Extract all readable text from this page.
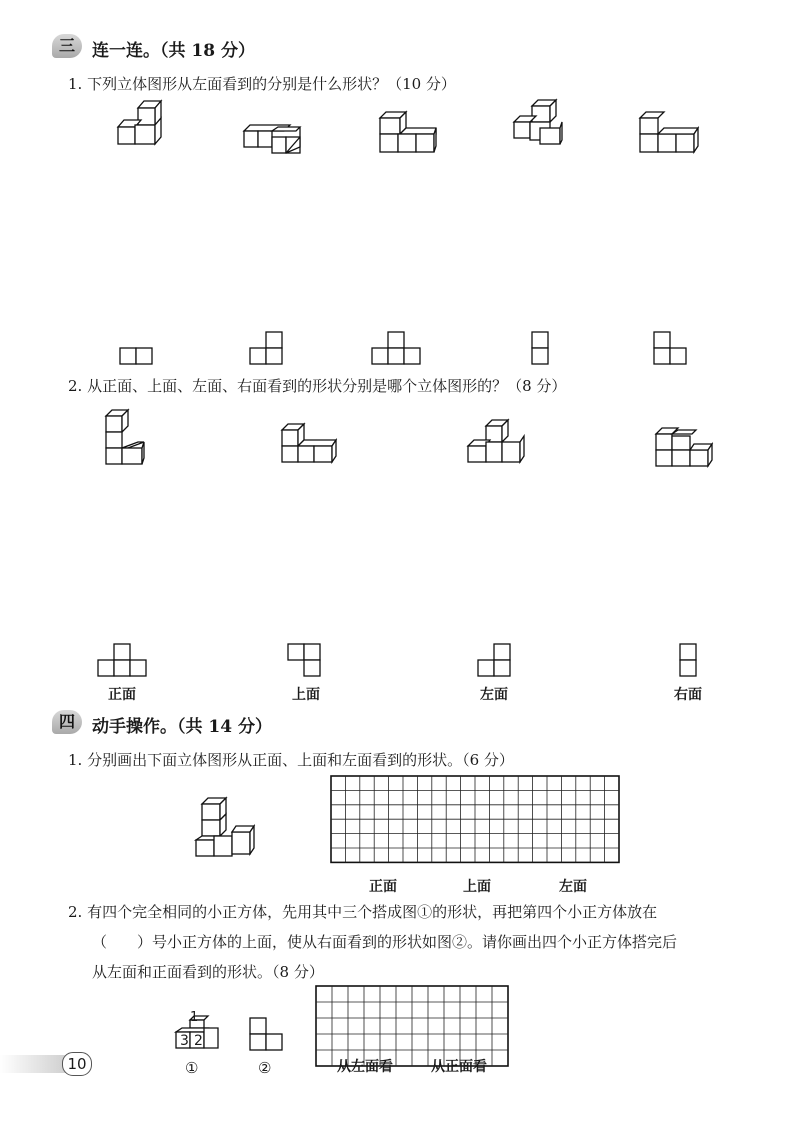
三	连一连。（共 18 分）
1. 下列立体图形从左面看到的分别是什么形状？（10 分）
2. 从正面、上面、左面、右面看到的形状分别是哪个立体图形的？（8 分）
正面	上面	左面	右面
四	动手操作。（共 14 分）
1. 分别画出下面立体图形从正面、上面和左面看到的形状。（6 分）
正面	上面	左面
2. 有四个完全相同的小正方体，先用其中三个搭成图①的形状，再把第四个小正方体放在
（　　）号小正方体的上面，使从右面看到的形状如图②。请你画出四个小正方体搭完后
从左面和正面看到的形状。（8 分）
1
3 2
①	②	从左面看	从正面看
10
